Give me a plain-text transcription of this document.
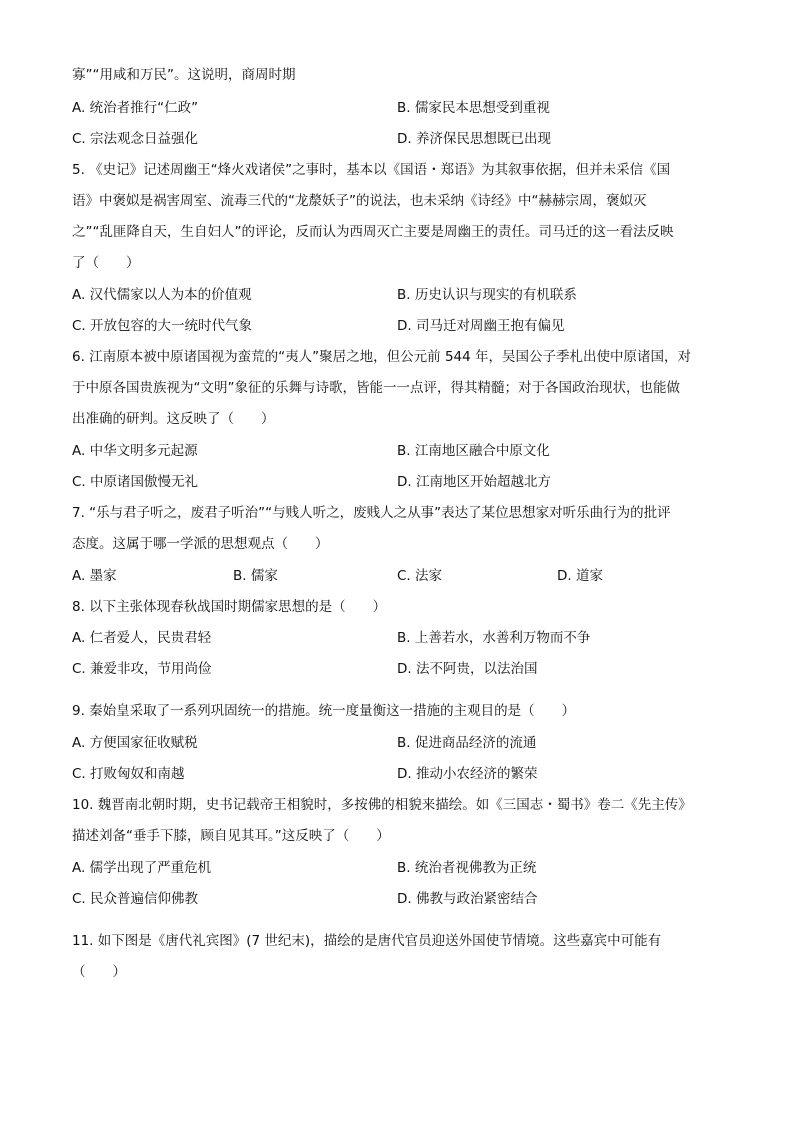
寡”“用咸和万民”。这说明，商周时期
A. 统治者推行“仁政”	B. 儒家民本思想受到重视
C. 宗法观念日益强化	D. 养济保民思想既已出现
5. 《史记》记述周幽王“烽火戏诸侯”之事时，基本以《国语・郑语》为其叙事依据，但并未采信《国
语》中褒姒是祸害周室、流毒三代的“龙漦妖子”的说法，也未采纳《诗经》中“赫赫宗周，褒姒灭
之”“乱匪降自天，生自妇人”的评论，反而认为西周灭亡主要是周幽王的责任。司马迁的这一看法反映
了（　　）
A. 汉代儒家以人为本的价值观	B. 历史认识与现实的有机联系
C. 开放包容的大一统时代气象	D. 司马迁对周幽王抱有偏见
6. 江南原本被中原诸国视为蛮荒的“夷人”聚居之地，但公元前 544 年，吴国公子季札出使中原诸国，对
于中原各国贵族视为“文明”象征的乐舞与诗歌，皆能一一点评，得其精髓；对于各国政治现状，也能做
出准确的研判。这反映了（　　）
A. 中华文明多元起源	B. 江南地区融合中原文化
C. 中原诸国傲慢无礼	D. 江南地区开始超越北方
7. “乐与君子听之，废君子听治”“与贱人听之，废贱人之从事”表达了某位思想家对听乐曲行为的批评
态度。这属于哪一学派的思想观点（　　）
A. 墨家	B. 儒家	C. 法家	D. 道家
8. 以下主张体现春秋战国时期儒家思想的是（　　）
A. 仁者爱人，民贵君轻	B. 上善若水，水善利万物而不争
C. 兼爱非攻，节用尚俭	D. 法不阿贵，以法治国
9. 秦始皇采取了一系列巩固统一的措施。统一度量衡这一措施的主观目的是（　　）
A. 方便国家征收赋税	B. 促进商品经济的流通
C. 打败匈奴和南越	D. 推动小农经济的繁荣
10. 魏晋南北朝时期，史书记载帝王相貌时，多按佛的相貌来描绘。如《三国志・蜀书》卷二《先主传》
描述刘备“垂手下膝，顾自见其耳。”这反映了（　　）
A. 儒学出现了严重危机	B. 统治者视佛教为正统
C. 民众普遍信仰佛教	D. 佛教与政治紧密结合
11. 如下图是《唐代礼宾图》(7 世纪末)，描绘的是唐代官员迎送外国使节情境。这些嘉宾中可能有
（　　）
